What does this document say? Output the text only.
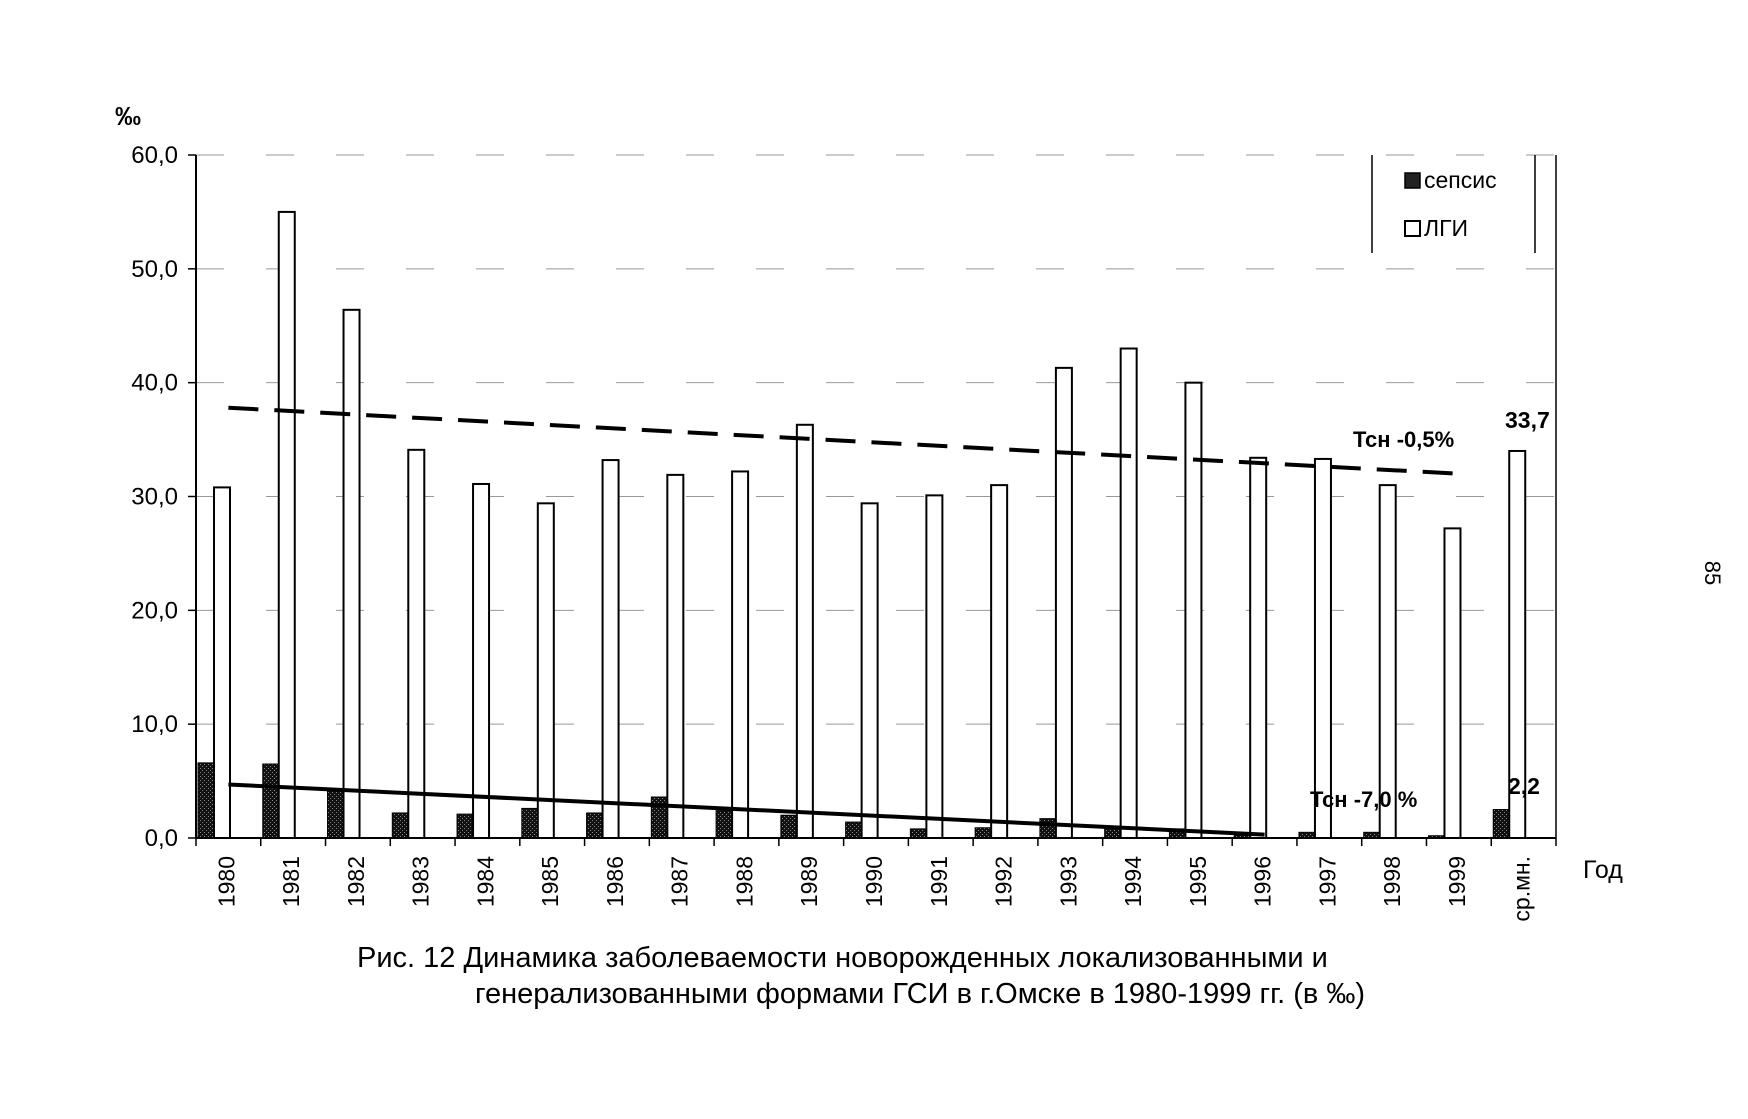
0,0
10,0
20,0
30,0
40,0
50,0
60,0
1980 1981 1982 1983 1984 1985 1986 1987 1988 1989 1990 1991 1992 1993 1994 1995 1996 1997 1998 1999 ср.мн.
‰
Год
сепсис
ЛГИ
Тсн -0,5%
Тсн -7,0 %
33,7
2,2
Рис. 12 Динамика заболеваемости новорожденных локализованными и
генерализованными формами ГСИ в г.Омске в 1980-1999 гг. (в ‰)
85
